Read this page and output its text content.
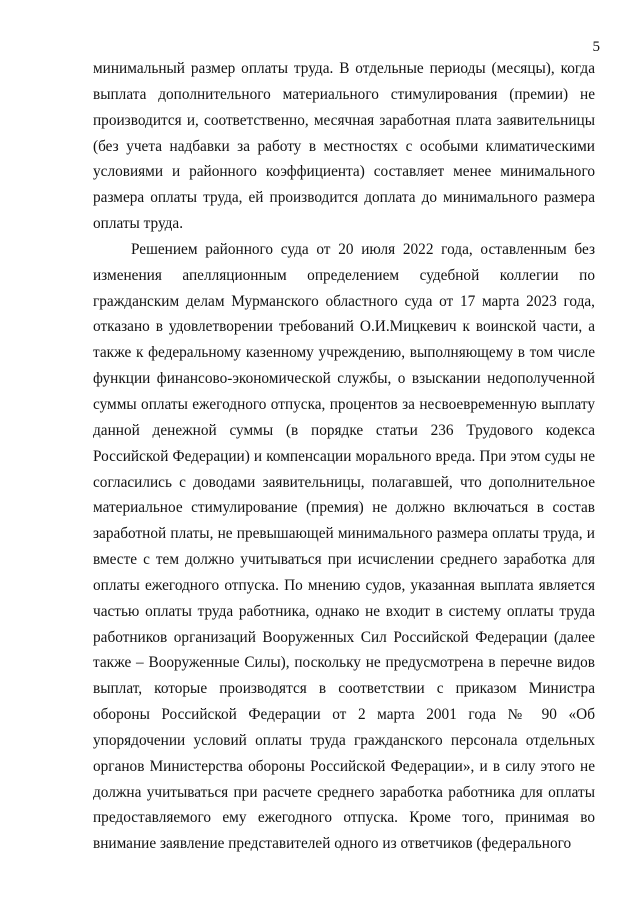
5

минимальный размер оплаты труда. В отдельные периоды (месяцы), когда выплата дополнительного материального стимулирования (премии) не производится и, соответственно, месячная заработная плата заявительницы (без учета надбавки за работу в местностях с особыми климатическими условиями и районного коэффициента) составляет менее минимального размера оплаты труда, ей производится доплата до минимального размера оплаты труда.

Решением районного суда от 20 июля 2022 года, оставленным без изменения апелляционным определением судебной коллегии по гражданским делам Мурманского областного суда от 17 марта 2023 года, отказано в удовлетворении требований О.И.Мицкевич к воинской части, а также к федеральному казенному учреждению, выполняющему в том числе функции финансово-экономической службы, о взыскании недополученной суммы оплаты ежегодного отпуска, процентов за несвоевременную выплату данной денежной суммы (в порядке статьи 236 Трудового кодекса Российской Федерации) и компенсации морального вреда. При этом суды не согласились с доводами заявительницы, полагавшей, что дополнительное материальное стимулирование (премия) не должно включаться в состав заработной платы, не превышающей минимального размера оплаты труда, и вместе с тем должно учитываться при исчислении среднего заработка для оплаты ежегодного отпуска. По мнению судов, указанная выплата является частью оплаты труда работника, однако не входит в систему оплаты труда работников организаций Вооруженных Сил Российской Федерации (далее также – Вооруженные Силы), поскольку не предусмотрена в перечне видов выплат, которые производятся в соответствии с приказом Министра обороны Российской Федерации от 2 марта 2001 года № 90 «Об упорядочении условий оплаты труда гражданского персонала отдельных органов Министерства обороны Российской Федерации», и в силу этого не должна учитываться при расчете среднего заработка работника для оплаты предоставляемого ему ежегодного отпуска. Кроме того, принимая во внимание заявление представителей одного из ответчиков (федерального
